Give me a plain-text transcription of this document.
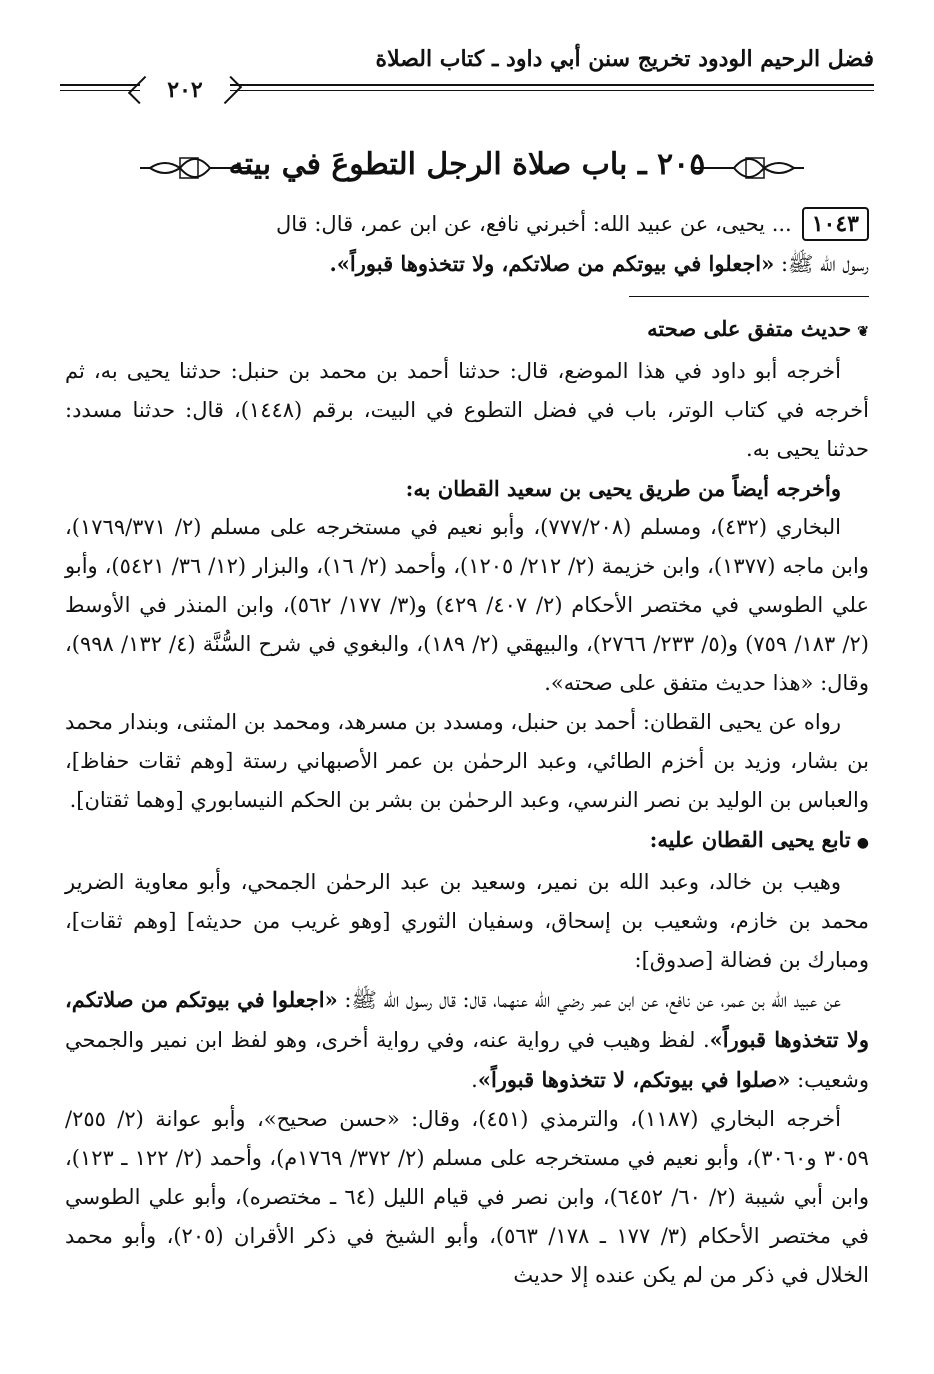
فضل الرحيم الودود تخريج سنن أبي داود ـ كتاب الصلاة
٢٠٢
٢٠٥ ـ باب صلاة الرجل التطوعَ في بيته

١٠٤٣... يحيى، عن عبيد الله: أخبرني نافع، عن ابن عمر، قال: قال

رسول الله ﷺ: «اجعلوا في بيوتكم من صلاتكم، ولا تتخذوها قبوراً».

❦حديث متفق على صحته

أخرجه أبو داود في هذا الموضع، قال: حدثنا أحمد بن محمد بن حنبل: حدثنا يحيى به، ثم أخرجه في كتاب الوتر، باب في فضل التطوع في البيت، برقم (١٤٤٨)، قال: حدثنا مسدد: حدثنا يحيى به.

وأخرجه أيضاً من طريق يحيى بن سعيد القطان به:

البخاري (٤٣٢)، ومسلم (٧٧٧/٢٠٨)، وأبو نعيم في مستخرجه على مسلم (٢/ ١٧٦٩/٣٧١)، وابن ماجه (١٣٧٧)، وابن خزيمة (٢/ ٢١٢/ ١٢٠٥)، وأحمد (٢/ ١٦)، والبزار (١٢/ ٣٦/ ٥٤٢١)، وأبو علي الطوسي في مختصر الأحكام (٢/ ٤٠٧/ ٤٢٩) و(٣/ ١٧٧/ ٥٦٢)، وابن المنذر في الأوسط (٢/ ١٨٣/ ٧٥٩) و(٥/ ٢٣٣/ ٢٧٦٦)، والبيهقي (٢/ ١٨٩)، والبغوي في شرح السُّنَّة (٤/ ١٣٢/ ٩٩٨)، وقال: «هذا حديث متفق على صحته».

رواه عن يحيى القطان: أحمد بن حنبل، ومسدد بن مسرهد، ومحمد بن المثنى، وبندار محمد بن بشار، وزيد بن أخزم الطائي، وعبد الرحمٰن بن عمر الأصبهاني رستة [وهم ثقات حفاظ]، والعباس بن الوليد بن نصر النرسي، وعبد الرحمٰن بن بشر بن الحكم النيسابوري [وهما ثقتان].

●تابع يحيى القطان عليه:

وهيب بن خالد، وعبد الله بن نمير، وسعيد بن عبد الرحمٰن الجمحي، وأبو معاوية الضرير محمد بن خازم، وشعيب بن إسحاق، وسفيان الثوري [وهو غريب من حديثه] [وهم ثقات]، ومبارك بن فضالة [صدوق]:

عن عبيد الله بن عمر، عن نافع، عن ابن عمر رضي الله عنهما، قال: قال رسول الله ﷺ: «اجعلوا في بيوتكم من صلاتكم، ولا تتخذوها قبوراً». لفظ وهيب في رواية عنه، وفي رواية أخرى، وهو لفظ ابن نمير والجمحي وشعيب: «صلوا في بيوتكم، لا تتخذوها قبوراً».

أخرجه البخاري (١١٨٧)، والترمذي (٤٥١)، وقال: «حسن صحيح»، وأبو عوانة (٢/ ٢٥٥/ ٣٠٥٩ و٣٠٦٠)، وأبو نعيم في مستخرجه على مسلم (٢/ ٣٧٢/ ١٧٦٩م)، وأحمد (٢/ ١٢٢ ـ ١٢٣)، وابن أبي شيبة (٢/ ٦٠/ ٦٤٥٢)، وابن نصر في قيام الليل (٦٤ ـ مختصره)، وأبو علي الطوسي في مختصر الأحكام (٣/ ١٧٧ ـ ١٧٨/ ٥٦٣)، وأبو الشيخ في ذكر الأقران (٢٠٥)، وأبو محمد الخلال في ذكر من لم يكن عنده إلا حديث
